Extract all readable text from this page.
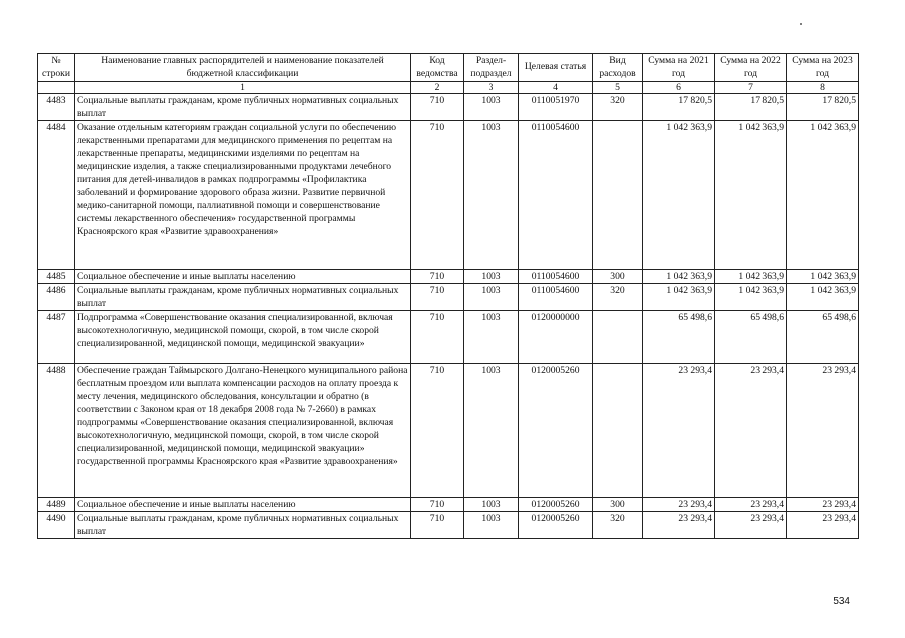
№ строки	Наименование главных распорядителей и наименование показателей бюджетной классификации	Код ведомства	Раздел-подраздел	Целевая статья	Вид расходов	Сумма на 2021 год	Сумма на 2022 год	Сумма на 2023 год
	1	2	3	4	5	6	7	8
4483	Социальные выплаты гражданам, кроме публичных нормативных социальных выплат	710	1003	0110051970	320	17 820,5	17 820,5	17 820,5
4484	Оказание отдельным категориям граждан социальной услуги по обеспечению лекарственными препаратами для медицинского применения по рецептам на лекарственные препараты, медицинскими изделиями по рецептам на медицинские изделия, а также специализированными продуктами лечебного питания для детей-инвалидов в рамках подпрограммы «Профилактика заболеваний и формирование здорового образа жизни. Развитие первичной медико-санитарной помощи, паллиативной помощи и совершенствование системы лекарственного обеспечения» государственной программы Красноярского края «Развитие здравоохранения»	710	1003	0110054600		1 042 363,9	1 042 363,9	1 042 363,9
4485	Социальное обеспечение и иные выплаты населению	710	1003	0110054600	300	1 042 363,9	1 042 363,9	1 042 363,9
4486	Социальные выплаты гражданам, кроме публичных нормативных социальных выплат	710	1003	0110054600	320	1 042 363,9	1 042 363,9	1 042 363,9
4487	Подпрограмма «Совершенствование оказания специализированной, включая высокотехнологичную, медицинской помощи, скорой, в том числе скорой специализированной, медицинской помощи, медицинской эвакуации»	710	1003	0120000000		65 498,6	65 498,6	65 498,6
4488	Обеспечение граждан Таймырского Долгано-Ненецкого муниципального района бесплатным проездом или выплата компенсации расходов на оплату проезда к месту лечения, медицинского обследования, консультации и обратно (в соответствии с Законом края от 18 декабря 2008 года № 7-2660) в рамках подпрограммы «Совершенствование оказания специализированной, включая высокотехнологичную, медицинской помощи, скорой, в том числе скорой специализированной, медицинской помощи, медицинской эвакуации» государственной программы Красноярского края «Развитие здравоохранения»	710	1003	0120005260		23 293,4	23 293,4	23 293,4
4489	Социальное обеспечение и иные выплаты населению	710	1003	0120005260	300	23 293,4	23 293,4	23 293,4
4490	Социальные выплаты гражданам, кроме публичных нормативных социальных выплат	710	1003	0120005260	320	23 293,4	23 293,4	23 293,4
534
